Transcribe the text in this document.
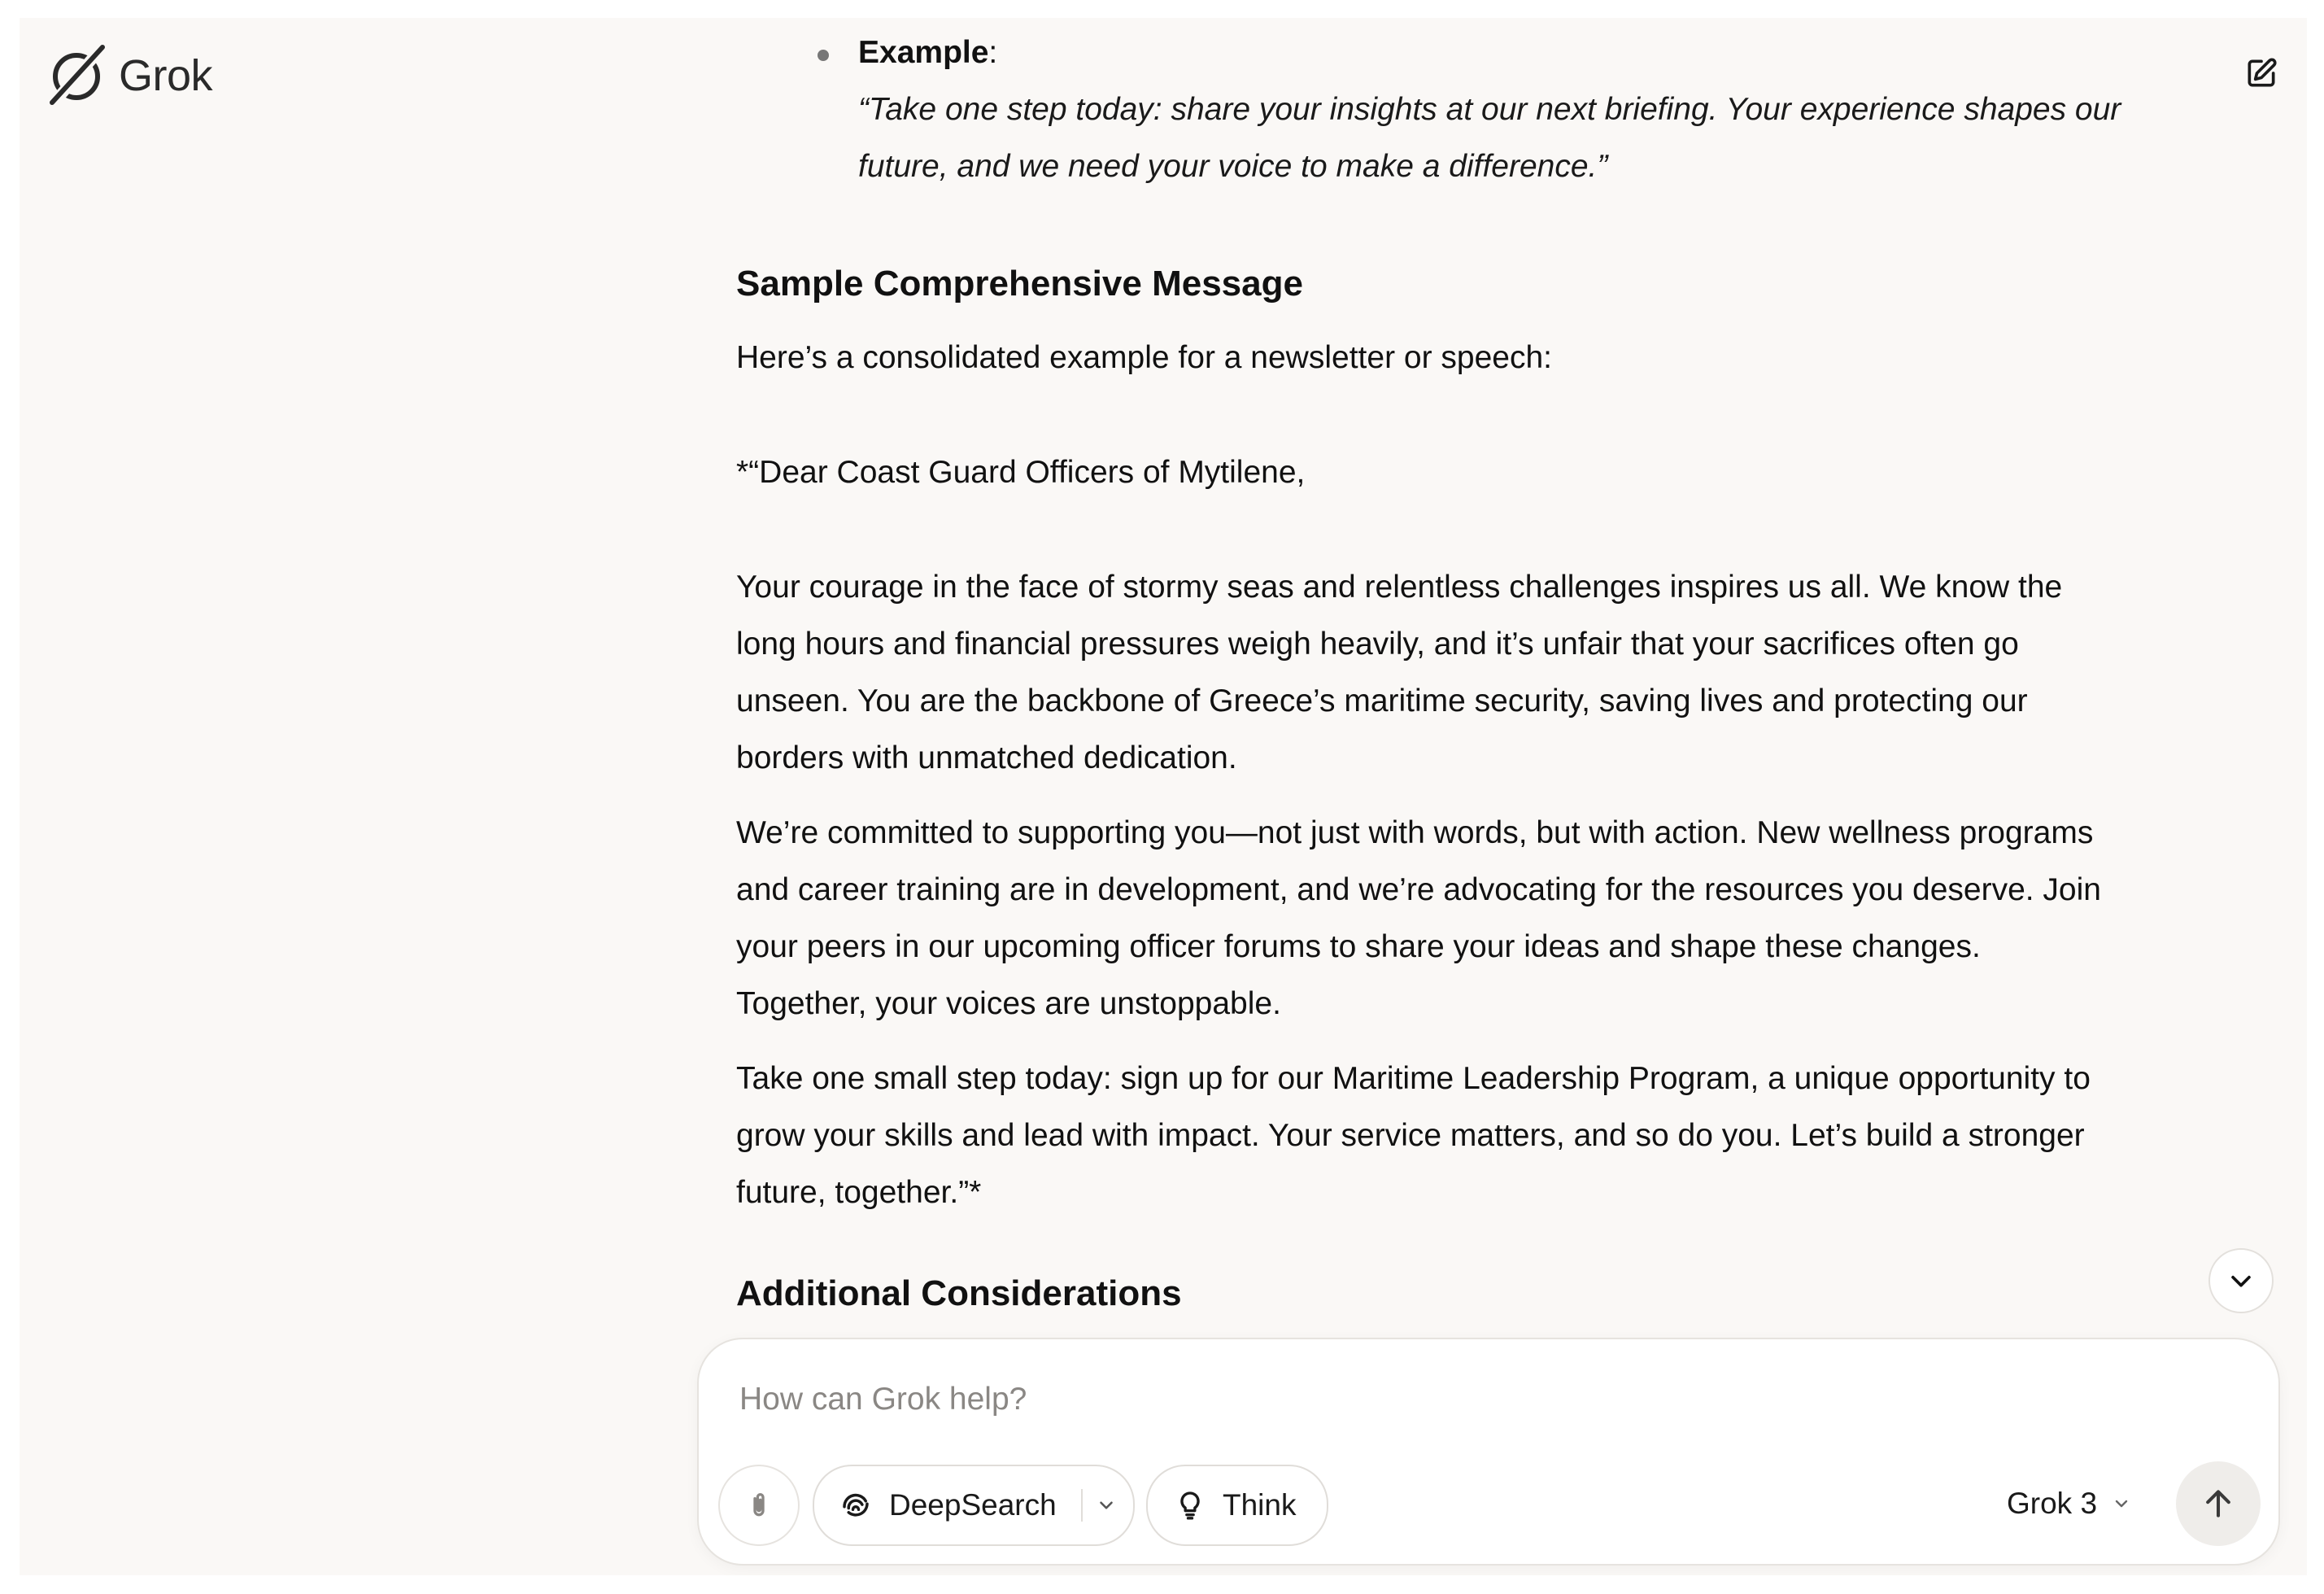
Grok	Example:
“Take one step today: share your insights at our next briefing. Your experience shapes our
future, and we need your voice to make a difference.”
Sample Comprehensive Message

Here’s a consolidated example for a newsletter or speech:

*“Dear Coast Guard Officers of Mytilene,

Your courage in the face of stormy seas and relentless challenges inspires us all. We know the
long hours and financial pressures weigh heavily, and it’s unfair that your sacrifices often go
unseen. You are the backbone of Greece’s maritime security, saving lives and protecting our
borders with unmatched dedication.
We’re committed to supporting you—not just with words, but with action. New wellness programs
and career training are in development, and we’re advocating for the resources you deserve. Join
your peers in our upcoming officer forums to share your ideas and shape these changes.
Together, your voices are unstoppable.
Take one small step today: sign up for our Maritime Leadership Program, a unique opportunity to
grow your skills and lead with impact. Your service matters, and so do you. Let’s build a stronger
future, together.”*
Additional Considerations
How can Grok help?
DeepSearch	Think	Grok 3
